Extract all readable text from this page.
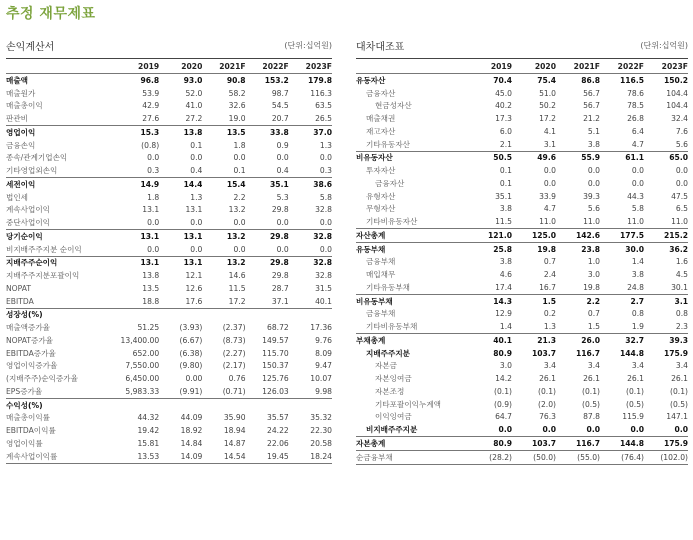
추정 재무제표
손익계산서	(단위:십억원)
	2019	2020	2021F	2022F	2023F
매출액	96.8	93.0	90.8	153.2	179.8
매출원가	53.9	52.0	58.2	98.7	116.3
매출총이익	42.9	41.0	32.6	54.5	63.5
판관비	27.6	27.2	19.0	20.7	26.5
영업이익	15.3	13.8	13.5	33.8	37.0
금융손익	(0.8)	0.1	1.8	0.9	1.3
종속/관계기업손익	0.0	0.0	0.0	0.0	0.0
기타영업외손익	0.3	0.4	0.1	0.4	0.3
세전이익	14.9	14.4	15.4	35.1	38.6
법인세	1.8	1.3	2.2	5.3	5.8
계속사업이익	13.1	13.1	13.2	29.8	32.8
중단사업이익	0.0	0.0	0.0	0.0	0.0
당기순이익	13.1	13.1	13.2	29.8	32.8
비지배주주지분 순이익	0.0	0.0	0.0	0.0	0.0
지배주주순이익	13.1	13.1	13.2	29.8	32.8
지배주주지분포괄이익	13.8	12.1	14.6	29.8	32.8
NOPAT	13.5	12.6	11.5	28.7	31.5
EBITDA	18.8	17.6	17.2	37.1	40.1
성장성(%)					
매출액증가율	51.25	(3.93)	(2.37)	68.72	17.36
NOPAT증가율	13,400.00	(6.67)	(8.73)	149.57	9.76
EBITDA증가율	652.00	(6.38)	(2.27)	115.70	8.09
영업이익증가율	7,550.00	(9.80)	(2.17)	150.37	9.47
(지배주주)순익증가율	6,450.00	0.00	0.76	125.76	10.07
EPS증가율	5,983.33	(9.91)	(0.71)	126.03	9.98
수익성(%)					
매출총이익률	44.32	44.09	35.90	35.57	35.32
EBITDA이익률	19.42	18.92	18.94	24.22	22.30
영업이익률	15.81	14.84	14.87	22.06	20.58
계속사업이익률	13.53	14.09	14.54	19.45	18.24
대차대조표	(단위:십억원)
	2019	2020	2021F	2022F	2023F
유동자산	70.4	75.4	86.8	116.5	150.2
금융자산	45.0	51.0	56.7	78.6	104.4
현금성자산	40.2	50.2	56.7	78.5	104.4
매출채권	17.3	17.2	21.2	26.8	32.4
재고자산	6.0	4.1	5.1	6.4	7.6
기타유동자산	2.1	3.1	3.8	4.7	5.6
비유동자산	50.5	49.6	55.9	61.1	65.0
투자자산	0.1	0.0	0.0	0.0	0.0
금융자산	0.1	0.0	0.0	0.0	0.0
유형자산	35.1	33.9	39.3	44.3	47.5
무형자산	3.8	4.7	5.6	5.8	6.5
기타비유동자산	11.5	11.0	11.0	11.0	11.0
자산총계	121.0	125.0	142.6	177.5	215.2
유동부채	25.8	19.8	23.8	30.0	36.2
금융부채	3.8	0.7	1.0	1.4	1.6
매입채무	4.6	2.4	3.0	3.8	4.5
기타유동부채	17.4	16.7	19.8	24.8	30.1
비유동부채	14.3	1.5	2.2	2.7	3.1
금융부채	12.9	0.2	0.7	0.8	0.8
기타비유동부채	1.4	1.3	1.5	1.9	2.3
부채총계	40.1	21.3	26.0	32.7	39.3
지배주주지분	80.9	103.7	116.7	144.8	175.9
자본금	3.0	3.4	3.4	3.4	3.4
자본잉여금	14.2	26.1	26.1	26.1	26.1
자본조정	(0.1)	(0.1)	(0.1)	(0.1)	(0.1)
기타포괄이익누계액	(0.9)	(2.0)	(0.5)	(0.5)	(0.5)
이익잉여금	64.7	76.3	87.8	115.9	147.1
비지배주주지분	0.0	0.0	0.0	0.0	0.0
자본총계	80.9	103.7	116.7	144.8	175.9
순금융부채	(28.2)	(50.0)	(55.0)	(76.4)	(102.0)
